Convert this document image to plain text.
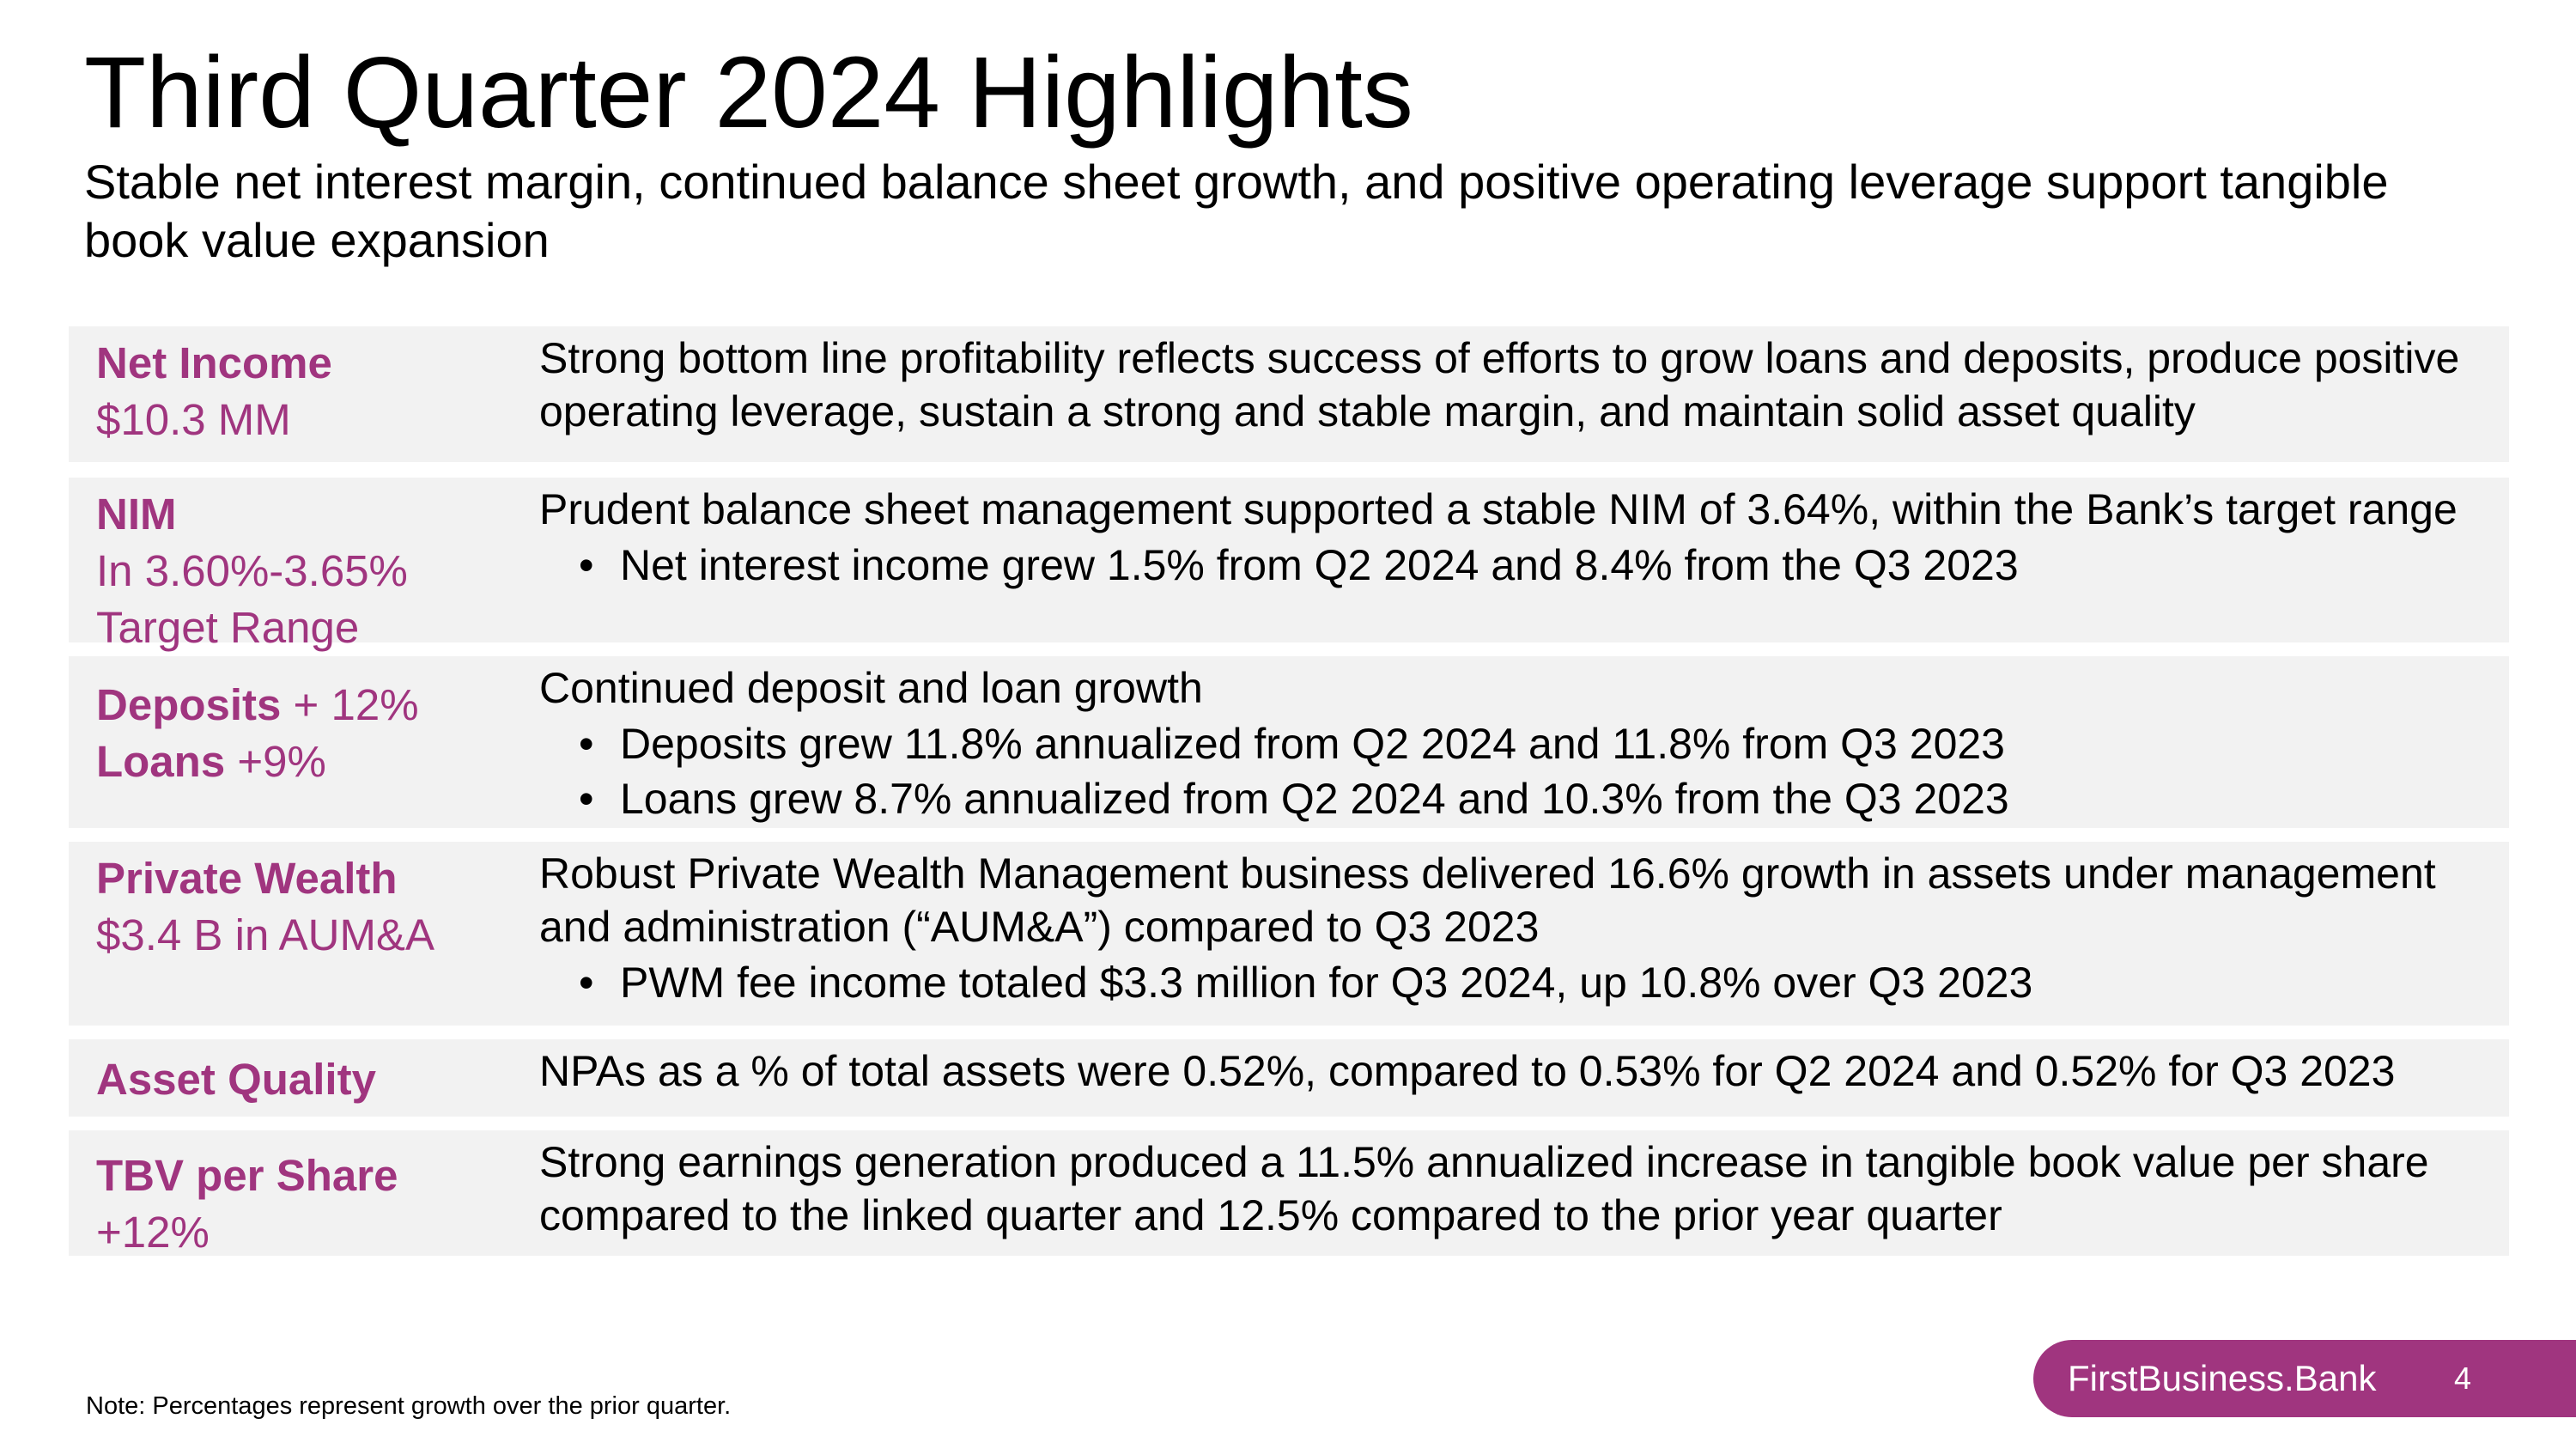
Third Quarter 2024 Highlights

Stable net interest margin, continued balance sheet growth, and positive operating leverage support tangible book value expansion

Net Income
$10.3 MM
Strong bottom line profitability reflects success of efforts to grow loans and deposits, produce positive operating leverage, sustain a strong and stable margin, and maintain solid asset quality
NIM
In 3.60%-3.65%
Target Range
Prudent balance sheet management supported a stable NIM of 3.64%, within the Bank’s target range
• Net interest income grew 1.5% from Q2 2024 and 8.4% from the Q3 2023
Deposits + 12%
Loans +9%
Continued deposit and loan growth
• Deposits grew 11.8% annualized from Q2 2024 and 11.8% from Q3 2023
• Loans grew 8.7% annualized from Q2 2024 and 10.3% from the Q3 2023
Private Wealth
$3.4 B in AUM&A
Robust Private Wealth Management business delivered 16.6% growth in assets under management and administration (“AUM&A”) compared to Q3 2023
• PWM fee income totaled $3.3 million for Q3 2024, up 10.8% over Q3 2023
Asset Quality	NPAs as a % of total assets were 0.52%, compared to 0.53% for Q2 2024 and 0.52% for Q3 2023
TBV per Share
+12%
Strong earnings generation produced a 11.5% annualized increase in tangible book value per share compared to the linked quarter and 12.5% compared to the prior year quarter
Note: Percentages represent growth over the prior quarter.
FirstBusiness.Bank	4
